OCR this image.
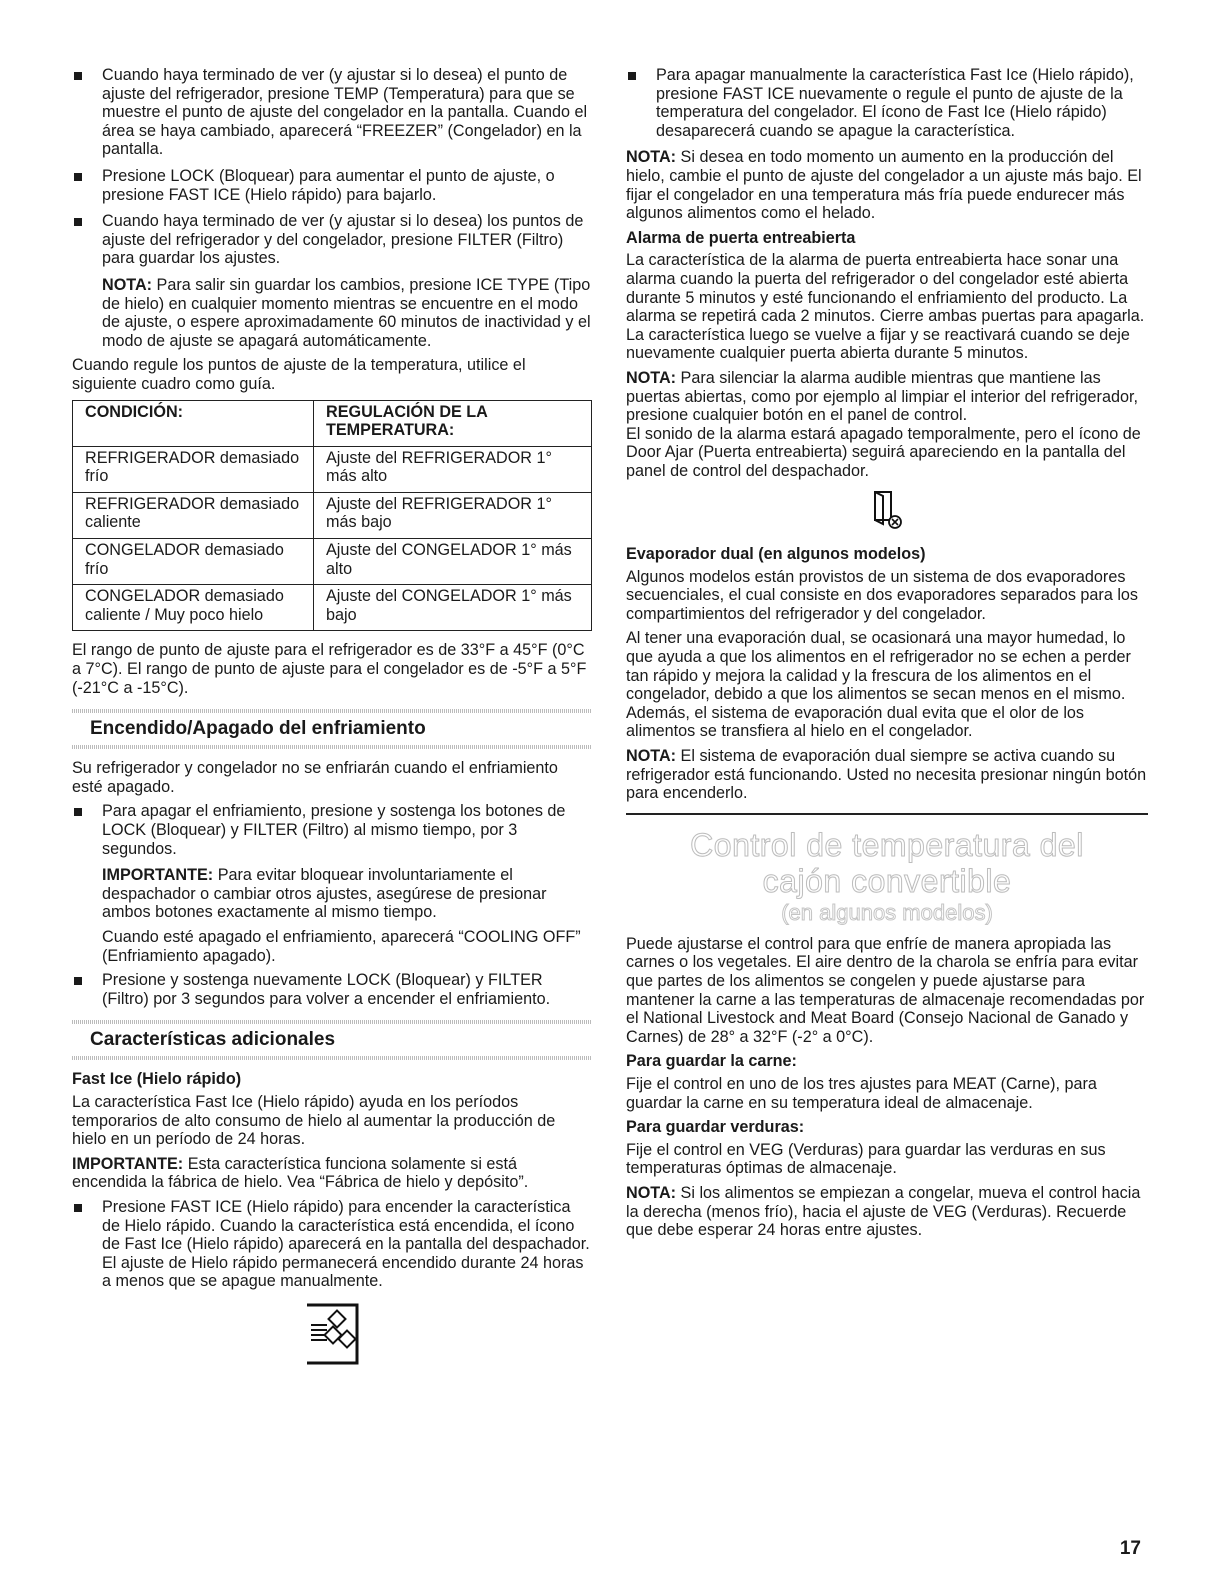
Cuando haya terminado de ver (y ajustar si lo desea) el punto de ajuste del refrigerador, presione TEMP (Temperatura) para que se muestre el punto de ajuste del congelador en la pantalla. Cuando el área se haya cambiado, aparecerá “FREEZER” (Congelador) en la pantalla.

Presione LOCK (Bloquear) para aumentar el punto de ajuste, o presione FAST ICE (Hielo rápido) para bajarlo.

Cuando haya terminado de ver (y ajustar si lo desea) los puntos de ajuste del refrigerador y del congelador, presione FILTER (Filtro) para guardar los ajustes.

NOTA: Para salir sin guardar los cambios, presione ICE TYPE (Tipo de hielo) en cualquier momento mientras se encuentre en el modo de ajuste, o espere aproximadamente 60 minutos de inactividad y el modo de ajuste se apagará automáticamente.

Cuando regule los puntos de ajuste de la temperatura, utilice el siguiente cuadro como guía.

CONDICIÓN:	REGULACIÓN DE LA TEMPERATURA:
REFRIGERADOR demasiado frío	Ajuste del REFRIGERADOR 1° más alto
REFRIGERADOR demasiado caliente	Ajuste del REFRIGERADOR 1° más bajo
CONGELADOR demasiado frío	Ajuste del CONGELADOR 1° más alto
CONGELADOR demasiado caliente / Muy poco hielo	Ajuste del CONGELADOR 1° más bajo

El rango de punto de ajuste para el refrigerador es de 33°F a 45°F (0°C a 7°C). El rango de punto de ajuste para el congelador es de -5°F a 5°F (-21°C a -15°C).

Encendido/Apagado del enfriamiento

Su refrigerador y congelador no se enfriarán cuando el enfriamiento esté apagado.

Para apagar el enfriamiento, presione y sostenga los botones de LOCK (Bloquear) y FILTER (Filtro) al mismo tiempo, por 3 segundos.

IMPORTANTE: Para evitar bloquear involuntariamente el despachador o cambiar otros ajustes, asegúrese de presionar ambos botones exactamente al mismo tiempo.

Cuando esté apagado el enfriamiento, aparecerá “COOLING OFF” (Enfriamiento apagado).

Presione y sostenga nuevamente LOCK (Bloquear) y FILTER (Filtro) por 3 segundos para volver a encender el enfriamiento.

Características adicionales

Fast Ice (Hielo rápido)

La característica Fast Ice (Hielo rápido) ayuda en los períodos temporarios de alto consumo de hielo al aumentar la producción de hielo en un período de 24 horas.

IMPORTANTE: Esta característica funciona solamente si está encendida la fábrica de hielo. Vea “Fábrica de hielo y depósito”.

Presione FAST ICE (Hielo rápido) para encender la característica de Hielo rápido. Cuando la característica está encendida, el ícono de Fast Ice (Hielo rápido) aparecerá en la pantalla del despachador. El ajuste de Hielo rápido permanecerá encendido durante 24 horas a menos que se apague manualmente.

Para apagar manualmente la característica Fast Ice (Hielo rápido), presione FAST ICE nuevamente o regule el punto de ajuste de la temperatura del congelador. El ícono de Fast Ice (Hielo rápido) desaparecerá cuando se apague la característica.

NOTA: Si desea en todo momento un aumento en la producción del hielo, cambie el punto de ajuste del congelador a un ajuste más bajo. El fijar el congelador en una temperatura más fría puede endurecer más algunos alimentos como el helado.

Alarma de puerta entreabierta

La característica de la alarma de puerta entreabierta hace sonar una alarma cuando la puerta del refrigerador o del congelador esté abierta durante 5 minutos y esté funcionando el enfriamiento del producto. La alarma se repetirá cada 2 minutos. Cierre ambas puertas para apagarla. La característica luego se vuelve a fijar y se reactivará cuando se deje nuevamente cualquier puerta abierta durante 5 minutos.

NOTA: Para silenciar la alarma audible mientras que mantiene las puertas abiertas, como por ejemplo al limpiar el interior del refrigerador, presione cualquier botón en el panel de control.

El sonido de la alarma estará apagado temporalmente, pero el ícono de Door Ajar (Puerta entreabierta) seguirá apareciendo en la pantalla del panel de control del despachador.

Evaporador dual (en algunos modelos)

Algunos modelos están provistos de un sistema de dos evaporadores secuenciales, el cual consiste en dos evaporadores separados para los compartimientos del refrigerador y del congelador.

Al tener una evaporación dual, se ocasionará una mayor humedad, lo que ayuda a que los alimentos en el refrigerador no se echen a perder tan rápido y mejora la calidad y la frescura de los alimentos en el congelador, debido a que los alimentos se secan menos en el mismo. Además, el sistema de evaporación dual evita que el olor de los alimentos se transfiera al hielo en el congelador.

NOTA: El sistema de evaporación dual siempre se activa cuando su refrigerador está funcionando. Usted no necesita presionar ningún botón para encenderlo.

Control de temperatura del
cajón convertible
(en algunos modelos)

Puede ajustarse el control para que enfríe de manera apropiada las carnes o los vegetales. El aire dentro de la charola se enfría para evitar que partes de los alimentos se congelen y puede ajustarse para mantener la carne a las temperaturas de almacenaje recomendadas por el National Livestock and Meat Board (Consejo Nacional de Ganado y Carnes) de 28° a 32°F (-2° a 0°C).

Para guardar la carne:

Fije el control en uno de los tres ajustes para MEAT (Carne), para guardar la carne en su temperatura ideal de almacenaje.

Para guardar verduras:

Fije el control en VEG (Verduras) para guardar las verduras en sus temperaturas óptimas de almacenaje.

NOTA: Si los alimentos se empiezan a congelar, mueva el control hacia la derecha (menos frío), hacia el ajuste de VEG (Verduras). Recuerde que debe esperar 24 horas entre ajustes.

17
